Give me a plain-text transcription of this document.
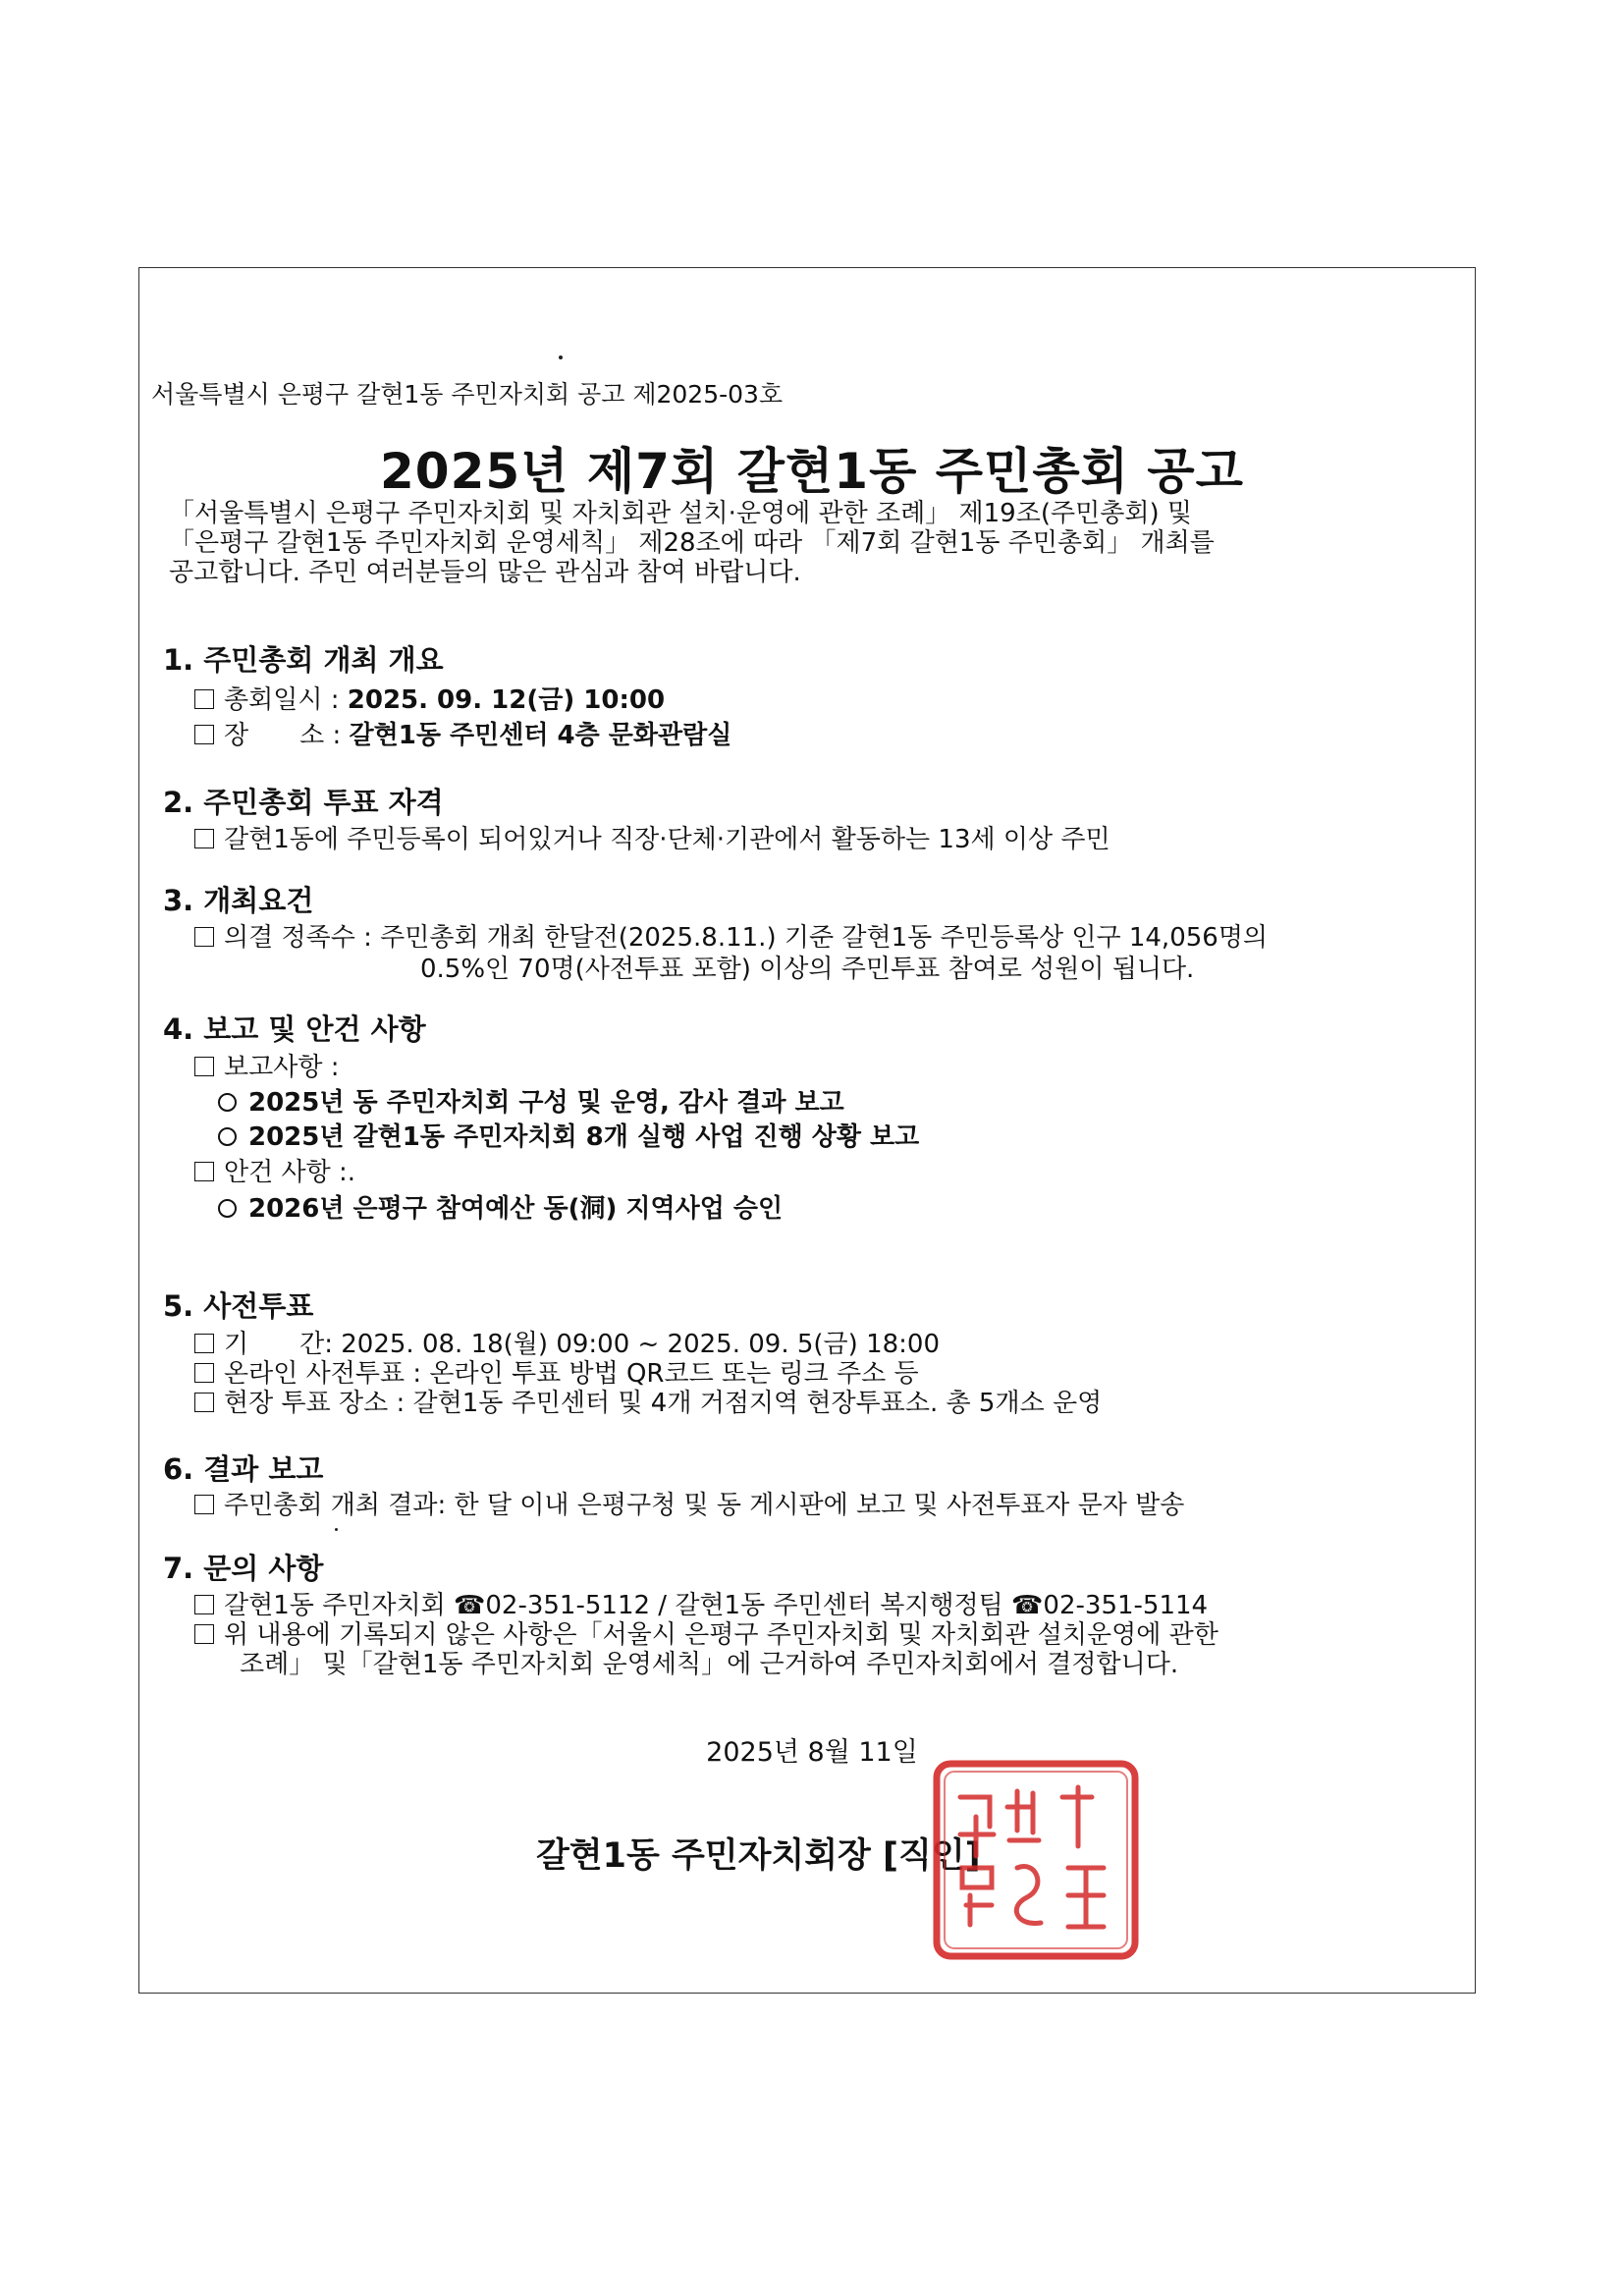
서울특별시 은평구 갈현1동 주민자치회 공고 제2025-03호
2025년 제7회 갈현1동 주민총회 공고
「서울특별시 은평구 주민자치회 및 자치회관 설치·운영에 관한 조례」 제19조(주민총회) 및
「은평구 갈현1동 주민자치회 운영세칙」 제28조에 따라 「제7회 갈현1동 주민총회」 개최를
공고합니다. 주민 여러분들의 많은 관심과 참여 바랍니다.
1. 주민총회 개최 개요
총회일시 : 2025. 09. 12(금) 10:00
장　　소 : 갈현1동 주민센터 4층 문화관람실
2. 주민총회 투표 자격
갈현1동에 주민등록이 되어있거나 직장·단체·기관에서 활동하는 13세 이상 주민
3. 개최요건
의결 정족수 : 주민총회 개최 한달전(2025.8.11.) 기준 갈현1동 주민등록상 인구 14,056명의
0.5%인 70명(사전투표 포함) 이상의 주민투표 참여로 성원이 됩니다.
4. 보고 및 안건 사항
보고사항 :
2025년 동 주민자치회 구성 및 운영, 감사 결과 보고
2025년 갈현1동 주민자치회 8개 실행 사업 진행 상황 보고
안건 사항 :.
2026년 은평구 참여예산 동(洞) 지역사업 승인
5. 사전투표
기　　간: 2025. 08. 18(월) 09:00 ~ 2025. 09. 5(금) 18:00
온라인 사전투표 : 온라인 투표 방법 QR코드 또는 링크 주소 등
현장 투표 장소 : 갈현1동 주민센터 및 4개 거점지역 현장투표소. 총 5개소 운영
6. 결과 보고
주민총회 개최 결과: 한 달 이내 은평구청 및 동 게시판에 보고 및 사전투표자 문자 발송
7. 문의 사항
갈현1동 주민자치회 ☎02-351-5112 / 갈현1동 주민센터 복지행정팀 ☎02-351-5114
위 내용에 기록되지 않은 사항은「서울시 은평구 주민자치회 및 자치회관 설치운영에 관한
조례」 및「갈현1동 주민자치회 운영세칙」에 근거하여 주민자치회에서 결정합니다.
2025년 8월 11일
갈현1동 주민자치회장 [직인]
